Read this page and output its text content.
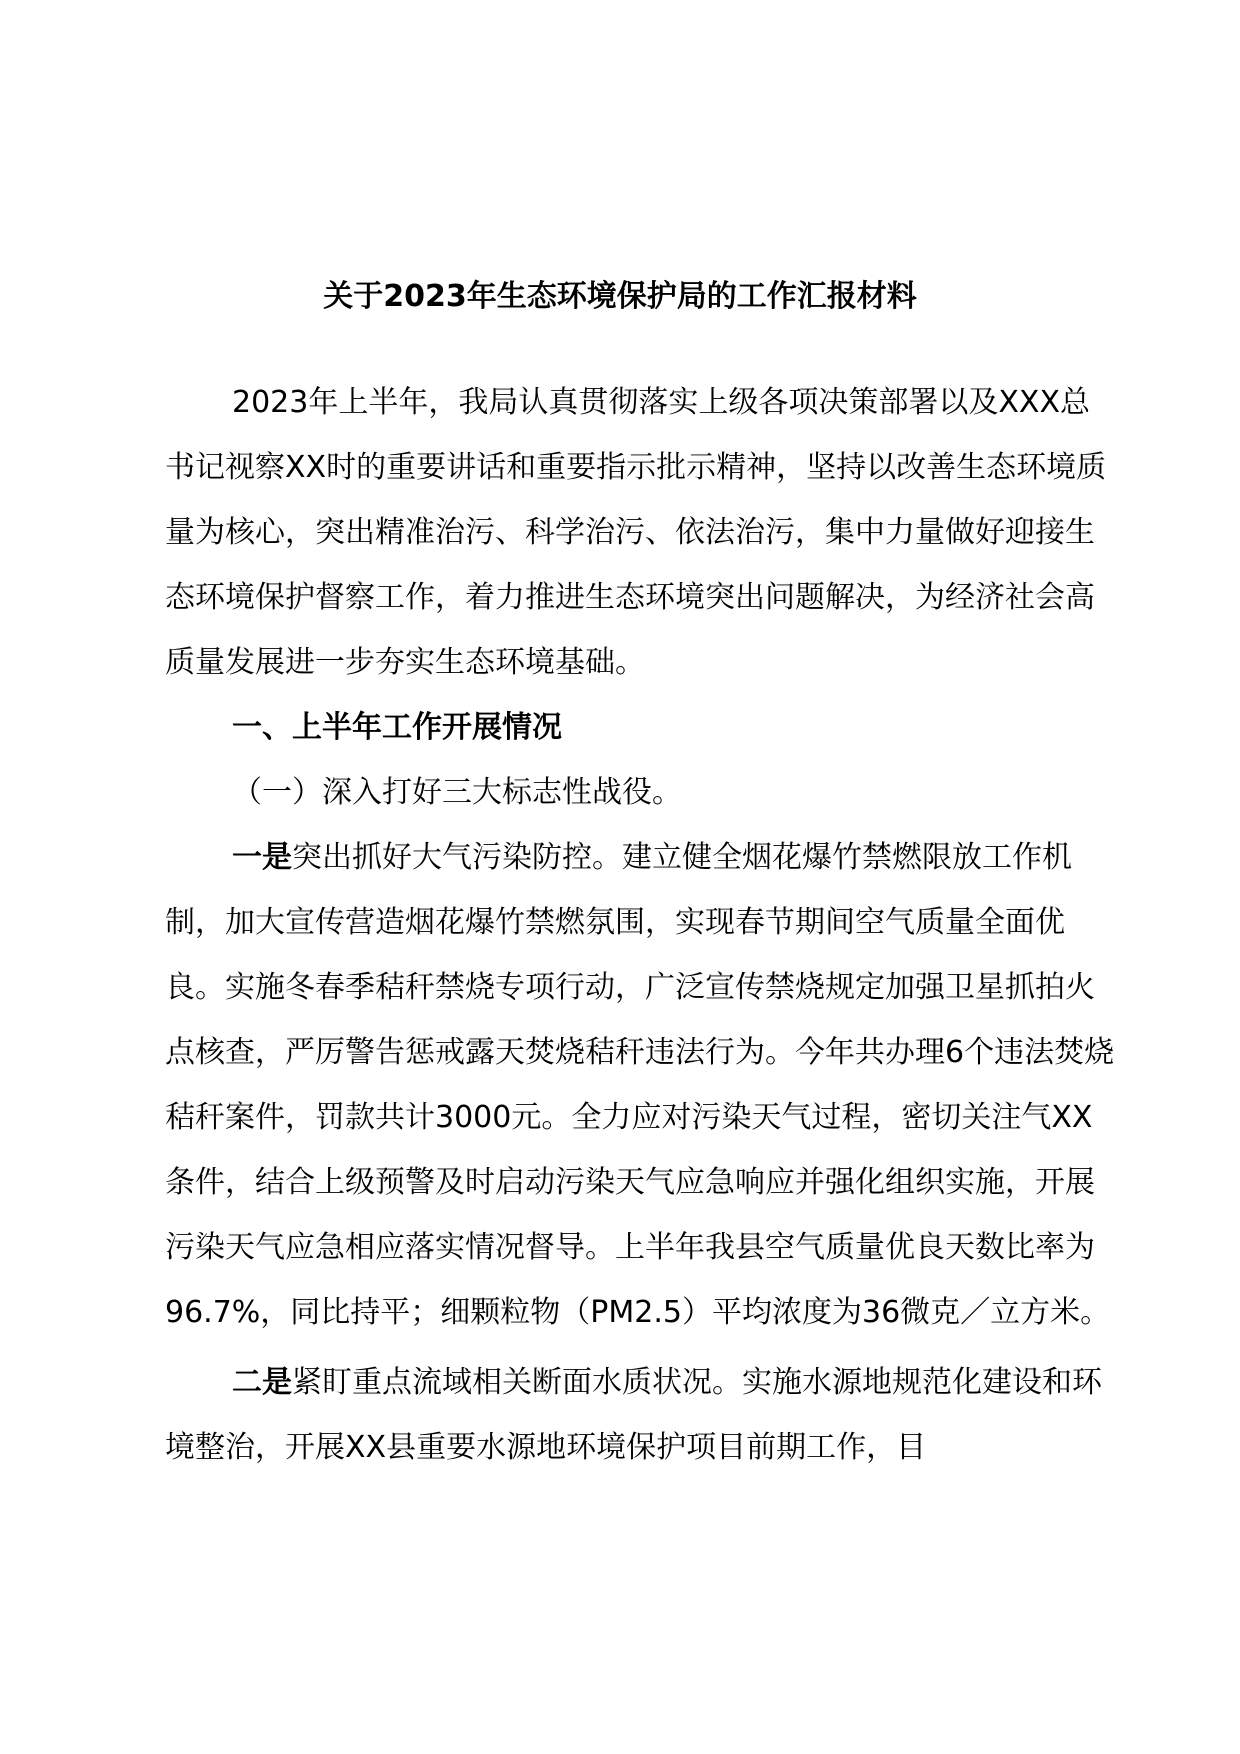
关于2023年生态环境保护局的工作汇报材料

2023年上半年，我局认真贯彻落实上级各项决策部署以及XXX总书记视察XX时的重要讲话和重要指示批示精神，坚持以改善生态环境质量为核心，突出精准治污、科学治污、依法治污，集中力量做好迎接生态环境保护督察工作，着力推进生态环境突出问题解决，为经济社会高质量发展进一步夯实生态环境基础。

一、上半年工作开展情况

（一）深入打好三大标志性战役。

一是突出抓好大气污染防控。建立健全烟花爆竹禁燃限放工作机制，加大宣传营造烟花爆竹禁燃氛围，实现春节期间空气质量全面优良。实施冬春季秸秆禁烧专项行动，广泛宣传禁烧规定加强卫星抓拍火点核查，严厉警告惩戒露天焚烧秸秆违法行为。今年共办理6个违法焚烧秸秆案件，罚款共计3000元。全力应对污染天气过程，密切关注气XX条件，结合上级预警及时启动污染天气应急响应并强化组织实施，开展污染天气应急相应落实情况督导。上半年我县空气质量优良天数比率为96.7%，同比持平；细颗粒物（PM2.5）平均浓度为36微克／立方米。

二是紧盯重点流域相关断面水质状况。实施水源地规范化建设和环境整治，开展XX县重要水源地环境保护项目前期工作，目
